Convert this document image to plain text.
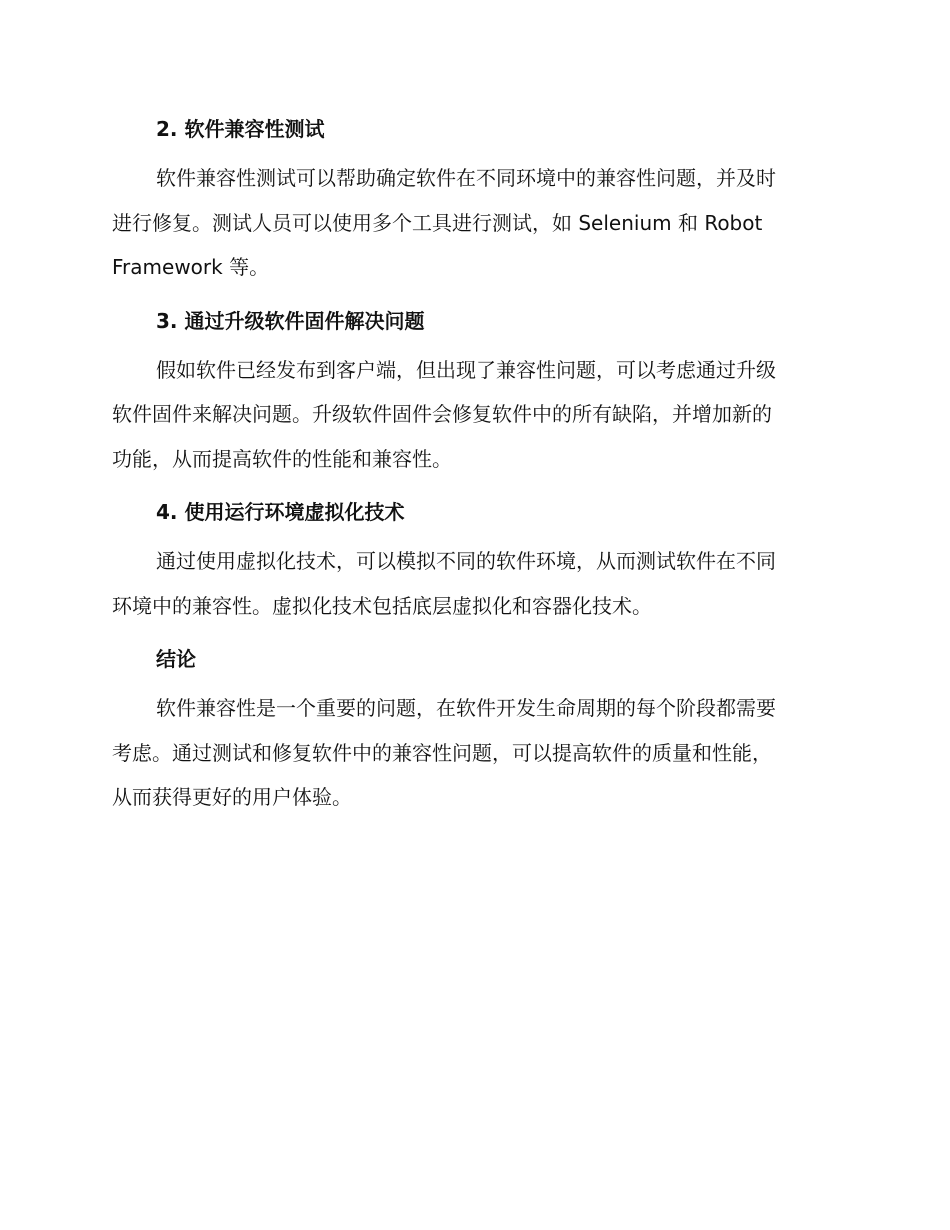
2. 软件兼容性测试
软件兼容性测试可以帮助确定软件在不同环境中的兼容性问题，并及时
进行修复。测试人员可以使用多个工具进行测试，如 Selenium 和 Robot
Framework 等。
3. 通过升级软件固件解决问题
假如软件已经发布到客户端，但出现了兼容性问题，可以考虑通过升级
软件固件来解决问题。升级软件固件会修复软件中的所有缺陷，并增加新的
功能，从而提高软件的性能和兼容性。
4. 使用运行环境虚拟化技术
通过使用虚拟化技术，可以模拟不同的软件环境，从而测试软件在不同
环境中的兼容性。虚拟化技术包括底层虚拟化和容器化技术。
结论
软件兼容性是一个重要的问题，在软件开发生命周期的每个阶段都需要
考虑。通过测试和修复软件中的兼容性问题，可以提高软件的质量和性能，
从而获得更好的用户体验。
